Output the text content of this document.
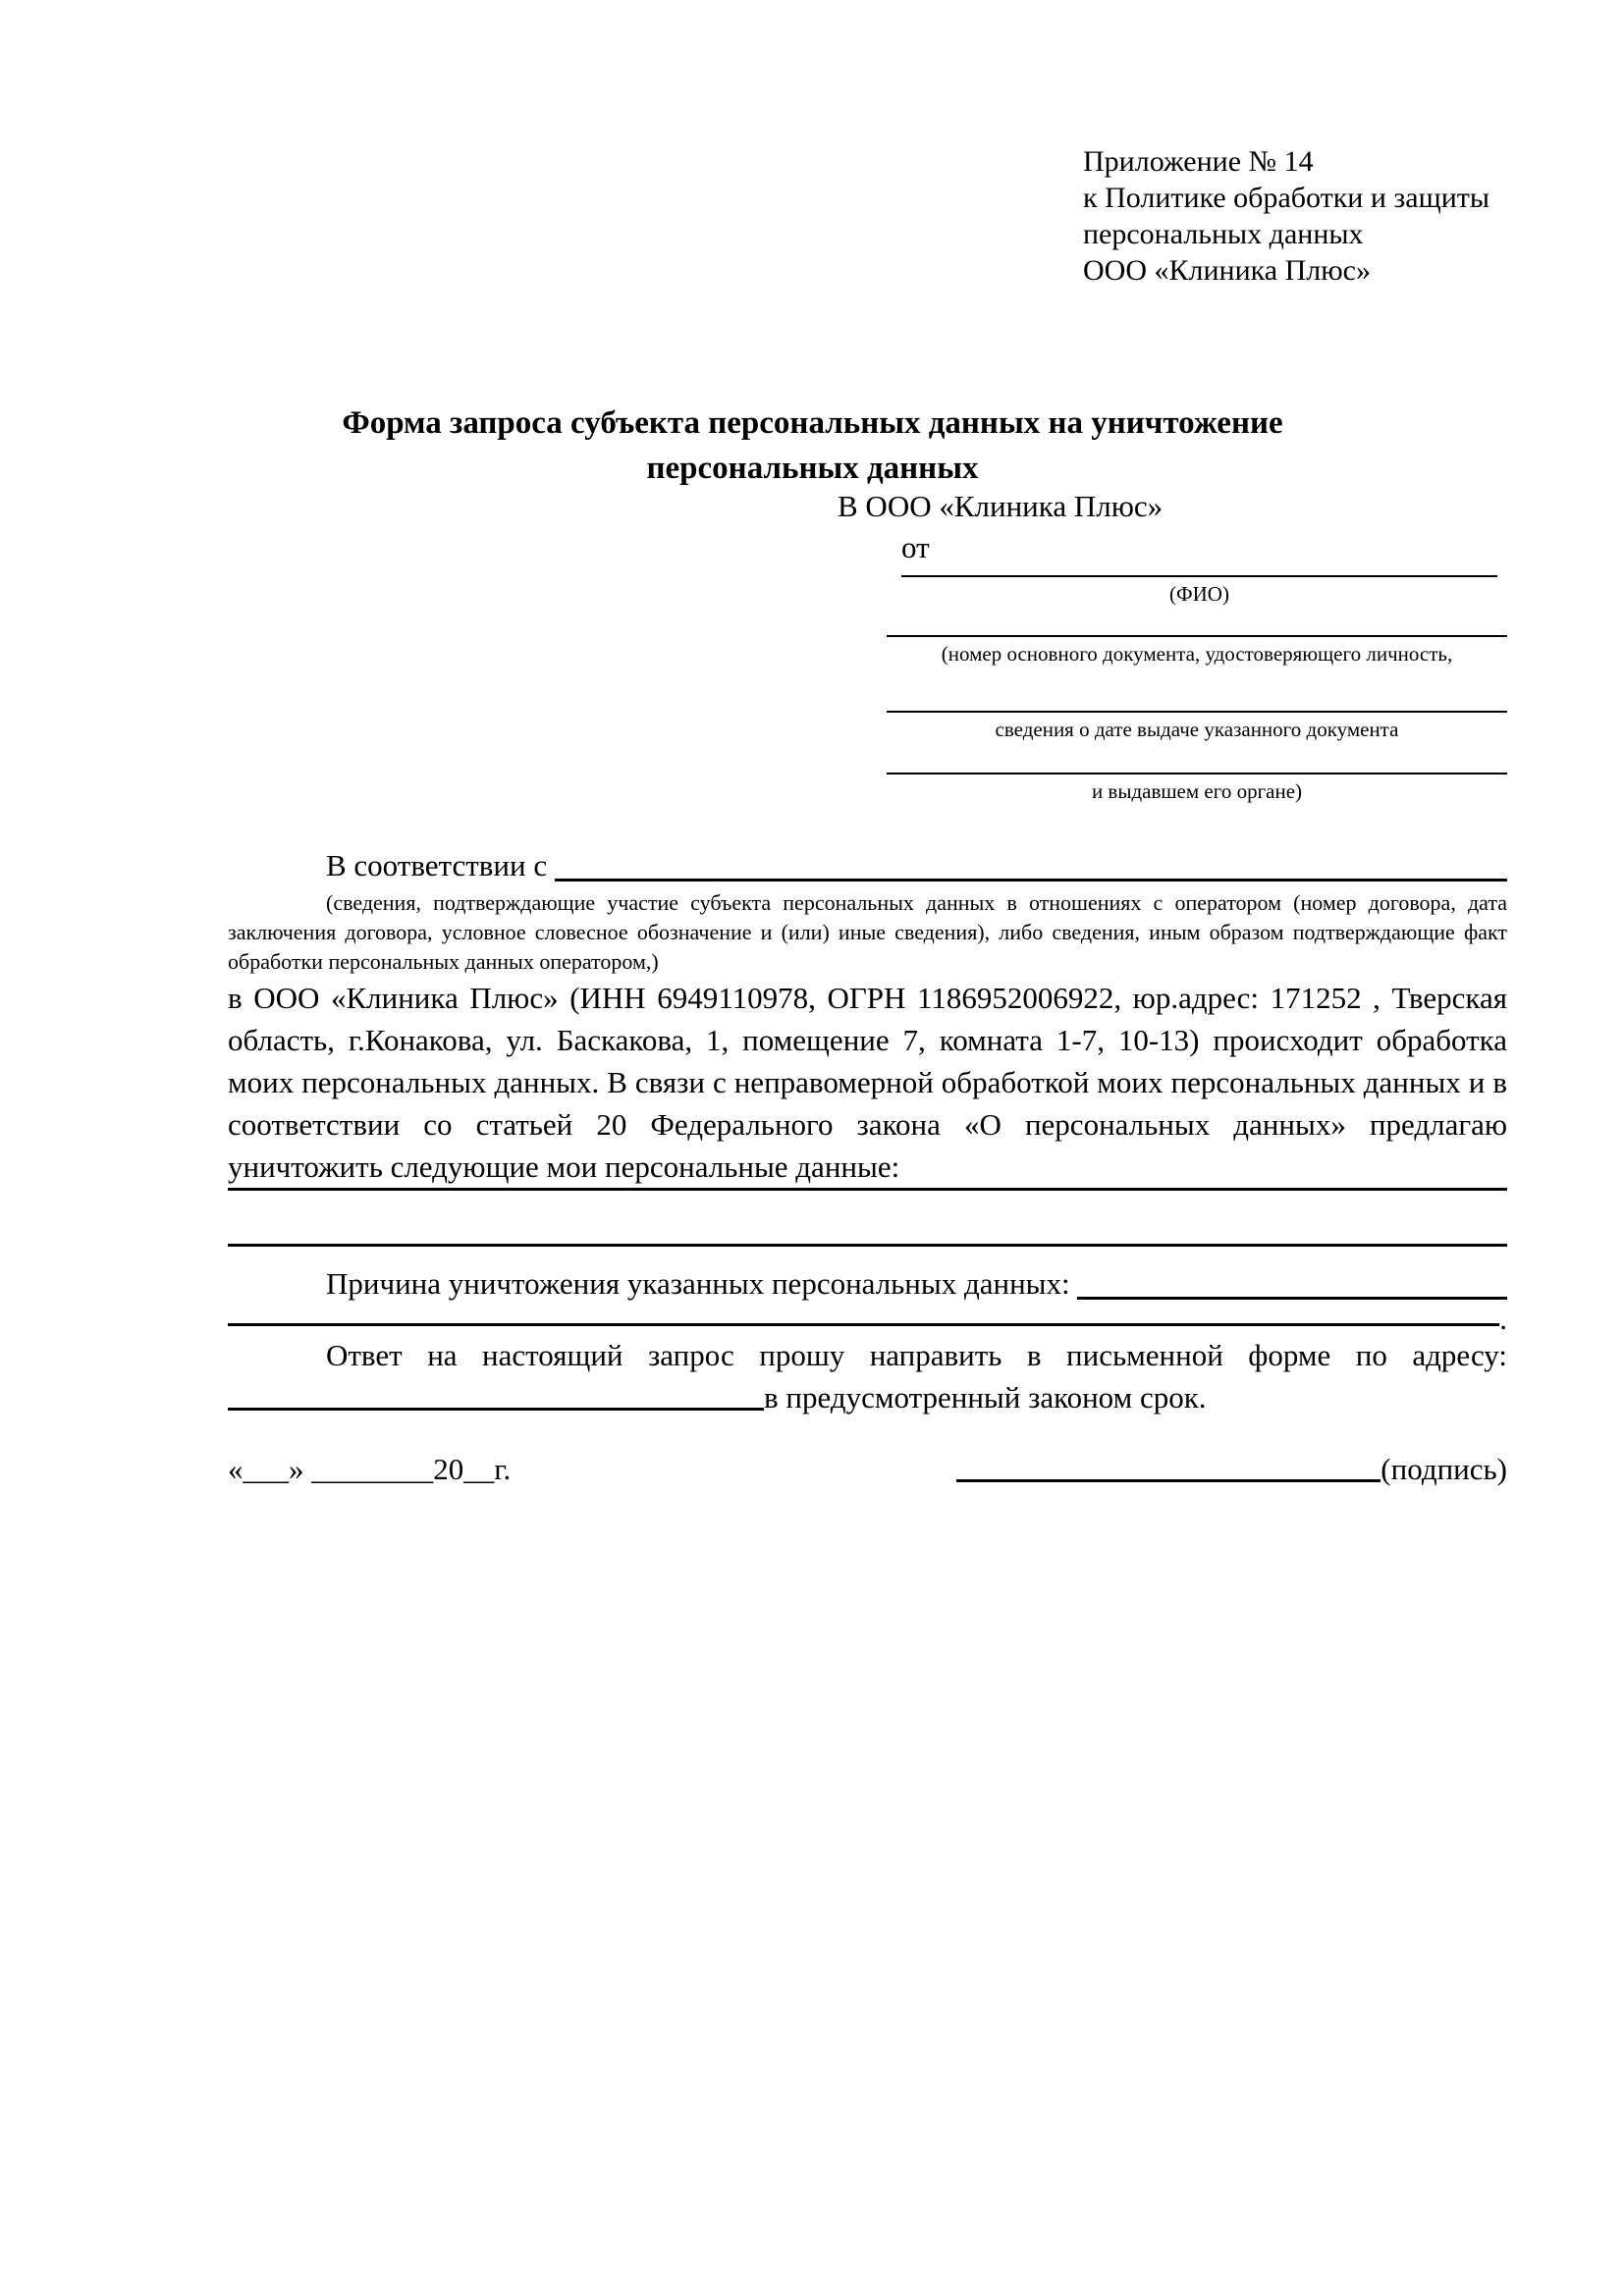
Приложение № 14
к Политике обработки и защиты
персональных данных
ООО «Клиника Плюс»
Форма запроса субъекта персональных данных на уничтожение
персональных данных
В ООО «Клиника Плюс»
от
(ФИО)
(номер основного документа, удостоверяющего личность,
сведения о дате выдаче указанного документа
и выдавшем его органе)
В соответствии с
(сведения, подтверждающие участие субъекта персональных данных в отношениях с оператором (номер договора, дата заключения договора, условное словесное обозначение и (или) иные сведения), либо сведения, иным образом подтверждающие факт обработки персональных данных оператором,)
в ООО «Клиника Плюс» (ИНН 6949110978, ОГРН 1186952006922, юр.адрес: 171252 , Тверская область, г.Конакова, ул. Баскакова, 1, помещение 7, комната 1-7, 10-13) происходит обработка моих персональных данных. В связи с неправомерной обработкой моих персональных данных и в соответствии со статьей 20 Федерального закона «О персональных данных» предлагаю уничтожить следующие мои персональные данные:
Причина уничтожения указанных персональных данных:
.
Ответ на настоящий запрос прошу направить в письменной форме по адресу:
в предусмотренный законом срок.
«___» ________20__г.	(подпись)
